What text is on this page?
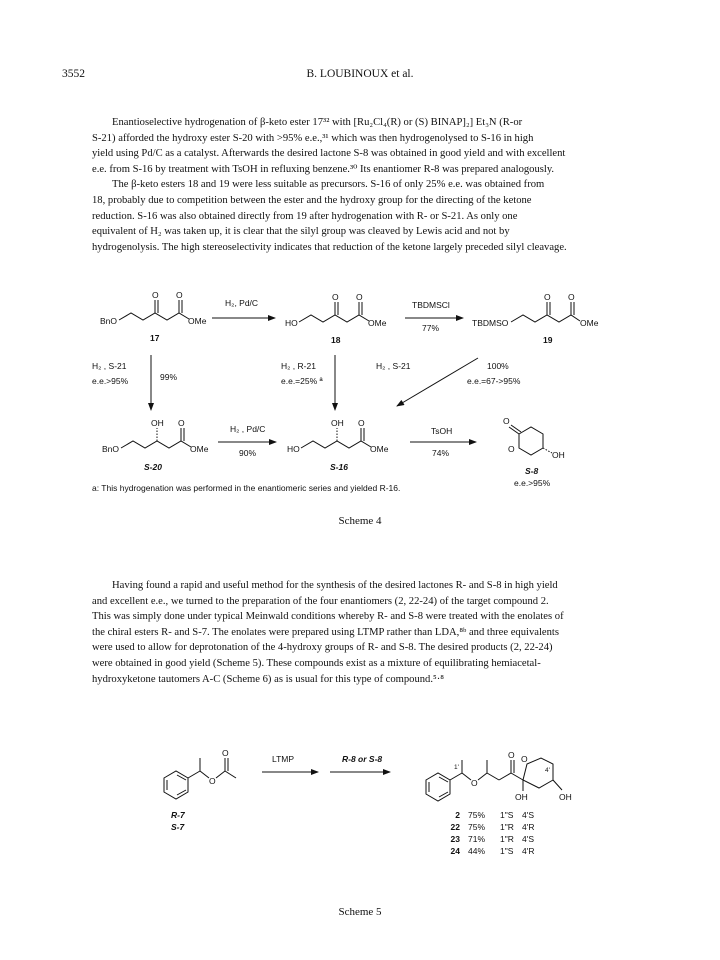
3552	B. LOUBINOUX et al.
Enantioselective hydrogenation of β-keto ester 17³² with [Ru₂Cl₄(R) or (S) BINAP]₂] Et₃N (R-or
S-21) afforded the hydroxy ester S-20 with >95% e.e.,³¹ which was then hydrogenolysed to S-16 in high
yield using Pd/C as a catalyst. Afterwards the desired lactone S-8 was obtained in good yield and with excellent
e.e. from S-16 by treatment with TsOH in refluxing benzene.³⁰ Its enantiomer R-8 was prepared analogously.
The β-keto esters 18 and 19 were less suitable as precursors. S-16 of only 25% e.e. was obtained from
18, probably due to competition between the ester and the hydroxy group for the directing of the ketone
reduction. S-16 was also obtained directly from 19 after hydrogenation with R- or S-21. As only one
equivalent of H₂ was taken up, it is clear that the silyl group was cleaved by Lewis acid and not by
hydrogenolysis. The high stereoselectivity indicates that reduction of the ketone largely preceded silyl cleavage.
BnO
O O
OMe
17
H₂, Pd/C
HO
O O
OMe
18
TBDMSCl
77%	TBDMSO
O O
OMe
19
H₂ , S-21
e.e.>95%	99%
H₂ , R-21
e.e.=25% ª
H₂ , S-21	100%
e.e.=67->95%
BnO
OH O
OMe
S-20
H₂ , Pd/C
90%	HO
OH O
OMe
S-16
TsOH
74%
O
O
OH
S-8
e.e.>95%
a: This hydrogenation was performed in the enantiomeric series and yielded R-16.
Scheme 4
Having found a rapid and useful method for the synthesis of the desired lactones R- and S-8 in high yield
and excellent e.e., we turned to the preparation of the four enantiomers (2, 22-24) of the target compound 2.
This was simply done under typical Meinwald conditions whereby R- and S-8 were treated with the enolates of
the chiral esters R- and S-7. The enolates were prepared using LTMP rather than LDA,⁸ᵇ and three equivalents
were used to allow for deprotonation of the 4-hydroxy groups of R- and S-8. The desired products (2, 22-24)
were obtained in good yield (Scheme 5). These compounds exist as a mixture of equilibrating hemiacetal-
hydroxyketone tautomers A-C (Scheme 6) as is usual for this type of compound.⁵·⁸
O
O
R-7
S-7
LTMP	R-8 or S-8
1'
O
O O
4'
OH	OH
2 75% 1"S 4'S
22 75% 1"R 4'R
23 71% 1"R 4'S
24 44% 1"S 4'R
Scheme 5
